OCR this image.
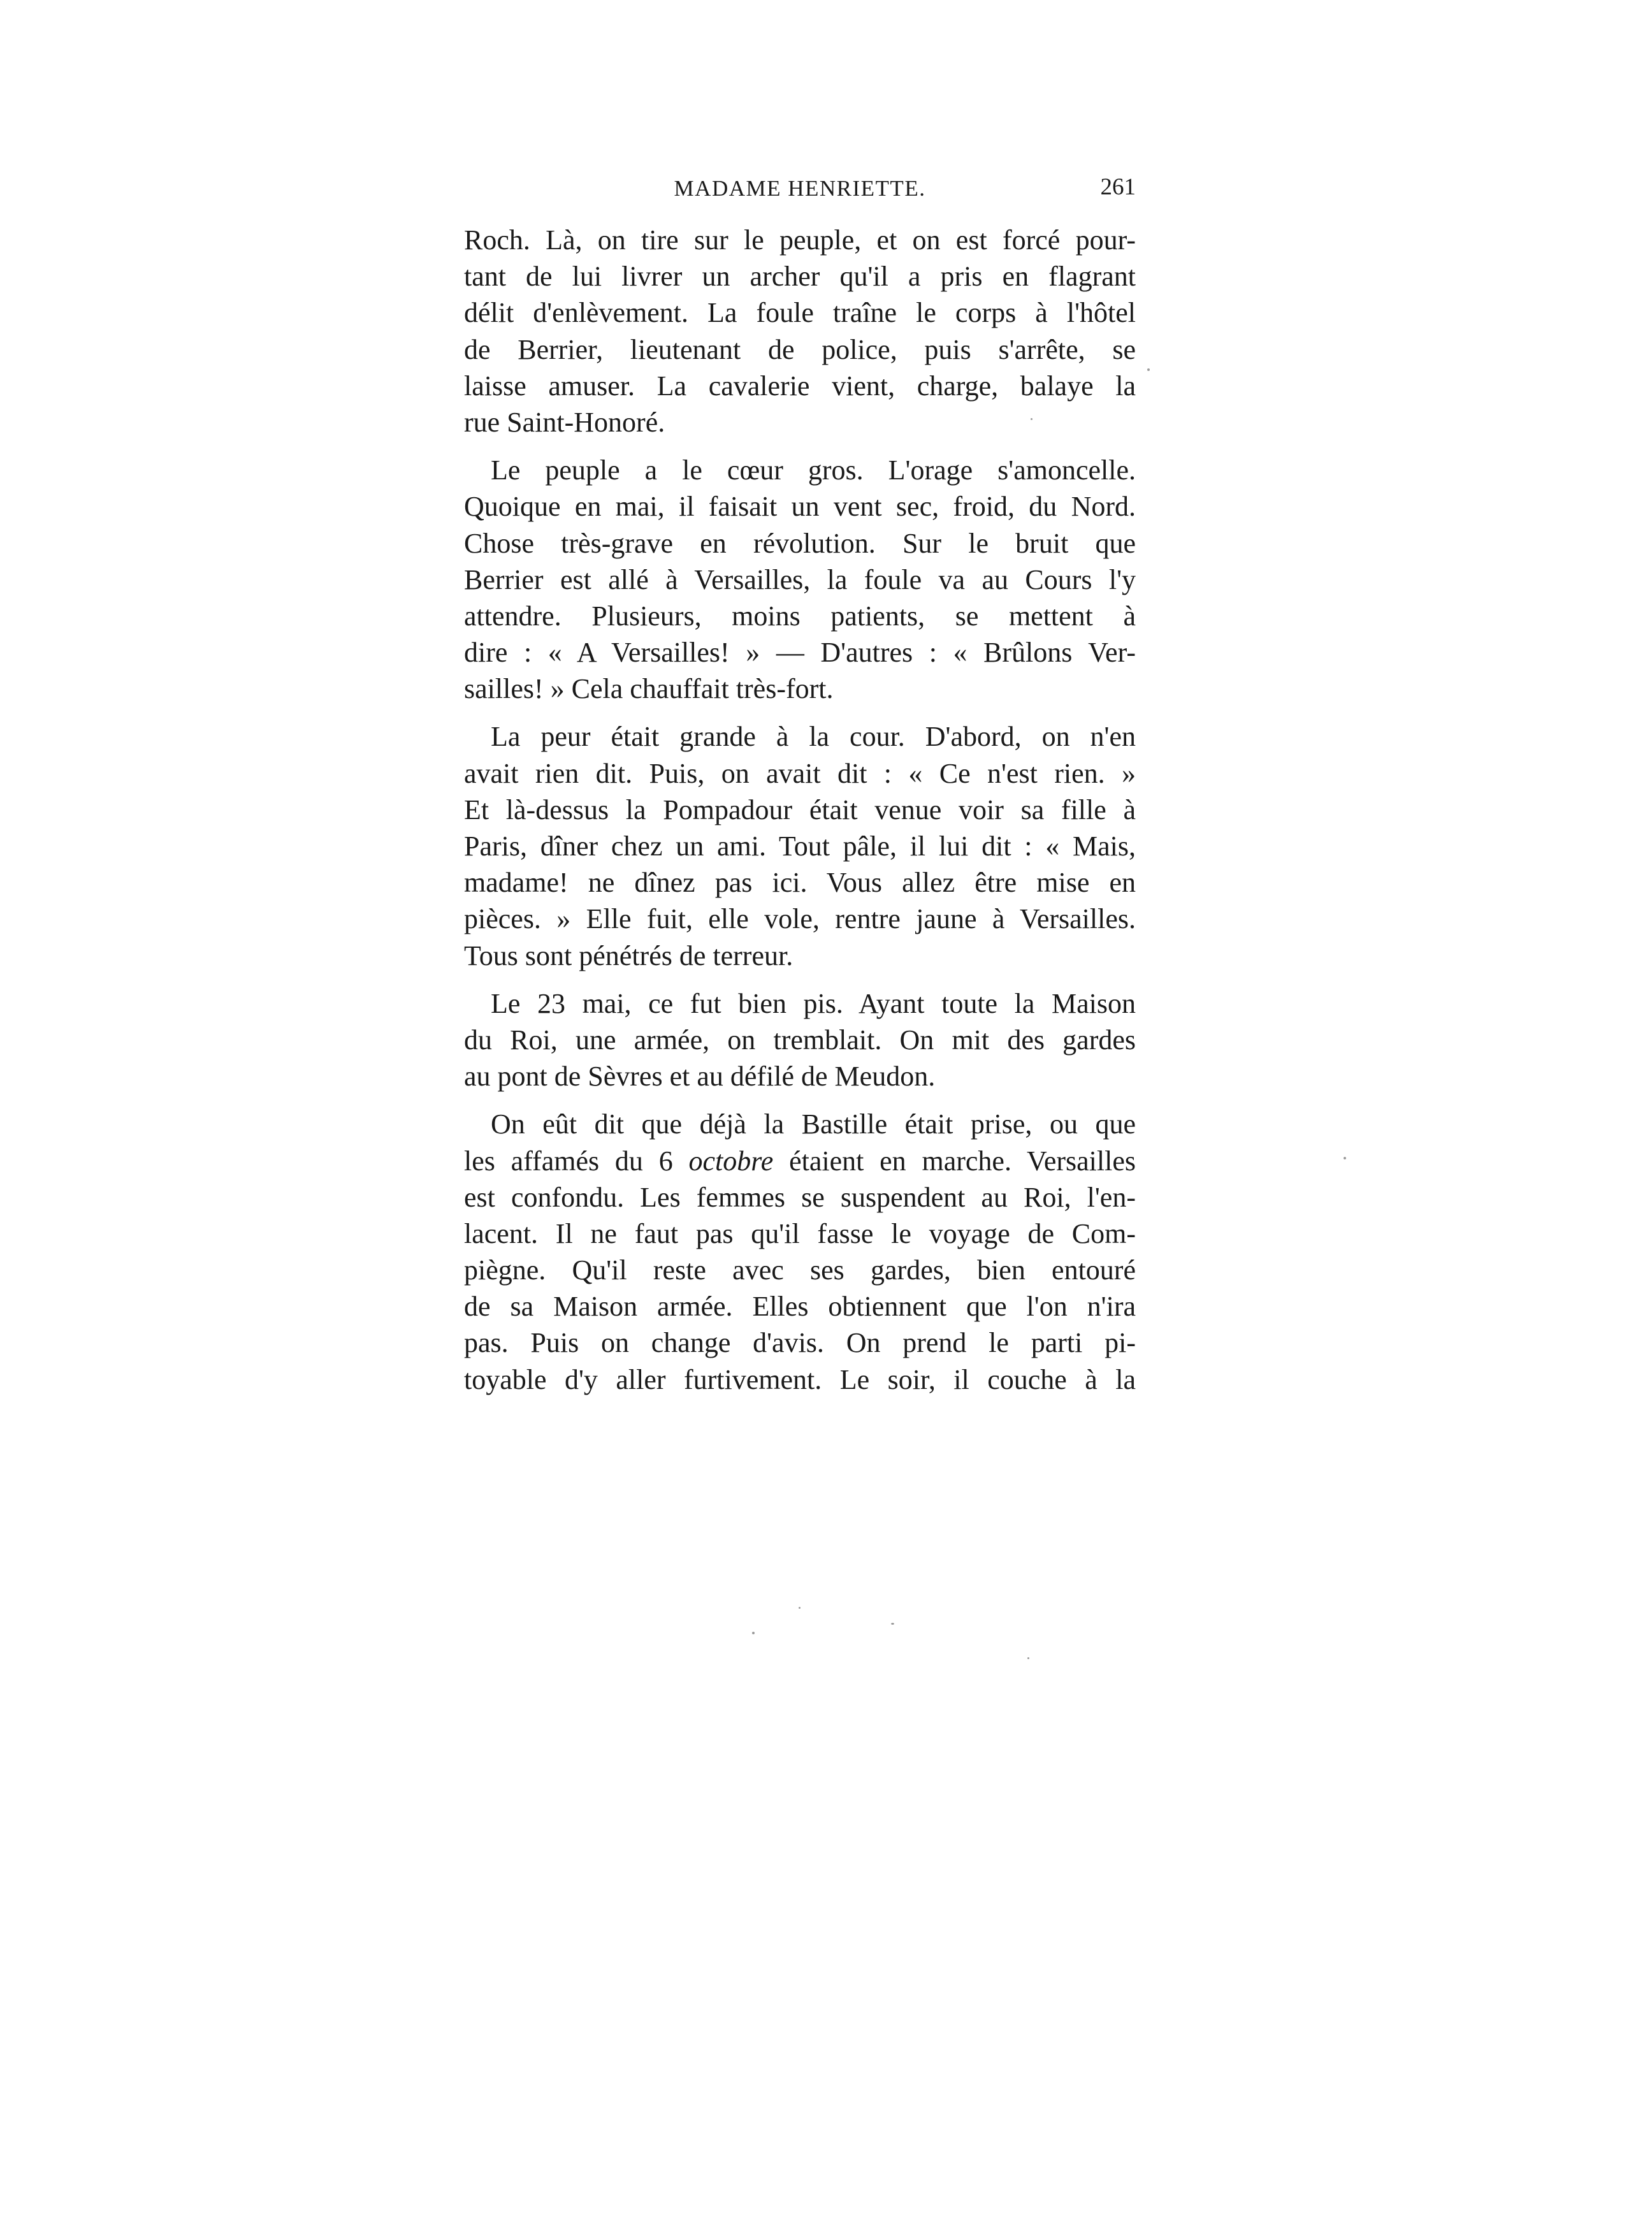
MADAME HENRIETTE.	261
Roch. Là, on tire sur le peuple, et on est forcé pour-
tant de lui livrer un archer qu'il a pris en flagrant
délit d'enlèvement. La foule traîne le corps à l'hôtel
de Berrier, lieutenant de police, puis s'arrête, se
laisse amuser. La cavalerie vient, charge, balaye la
rue Saint-Honoré.
Le peuple a le cœur gros. L'orage s'amoncelle.
Quoique en mai, il faisait un vent sec, froid, du Nord.
Chose très-grave en révolution. Sur le bruit que
Berrier est allé à Versailles, la foule va au Cours l'y
attendre. Plusieurs, moins patients, se mettent à
dire : « A Versailles! » — D'autres : « Brûlons Ver-
sailles! » Cela chauffait très-fort.
La peur était grande à la cour. D'abord, on n'en
avait rien dit. Puis, on avait dit : « Ce n'est rien. »
Et là-dessus la Pompadour était venue voir sa fille à
Paris, dîner chez un ami. Tout pâle, il lui dit : « Mais,
madame! ne dînez pas ici. Vous allez être mise en
pièces. » Elle fuit, elle vole, rentre jaune à Versailles.
Tous sont pénétrés de terreur.
Le 23 mai, ce fut bien pis. Ayant toute la Maison
du Roi, une armée, on tremblait. On mit des gardes
au pont de Sèvres et au défilé de Meudon.
On eût dit que déjà la Bastille était prise, ou que
les affamés du 6 octobre étaient en marche. Versailles
est confondu. Les femmes se suspendent au Roi, l'en-
lacent. Il ne faut pas qu'il fasse le voyage de Com-
piègne. Qu'il reste avec ses gardes, bien entouré
de sa Maison armée. Elles obtiennent que l'on n'ira
pas. Puis on change d'avis. On prend le parti pi-
toyable d'y aller furtivement. Le soir, il couche à la
